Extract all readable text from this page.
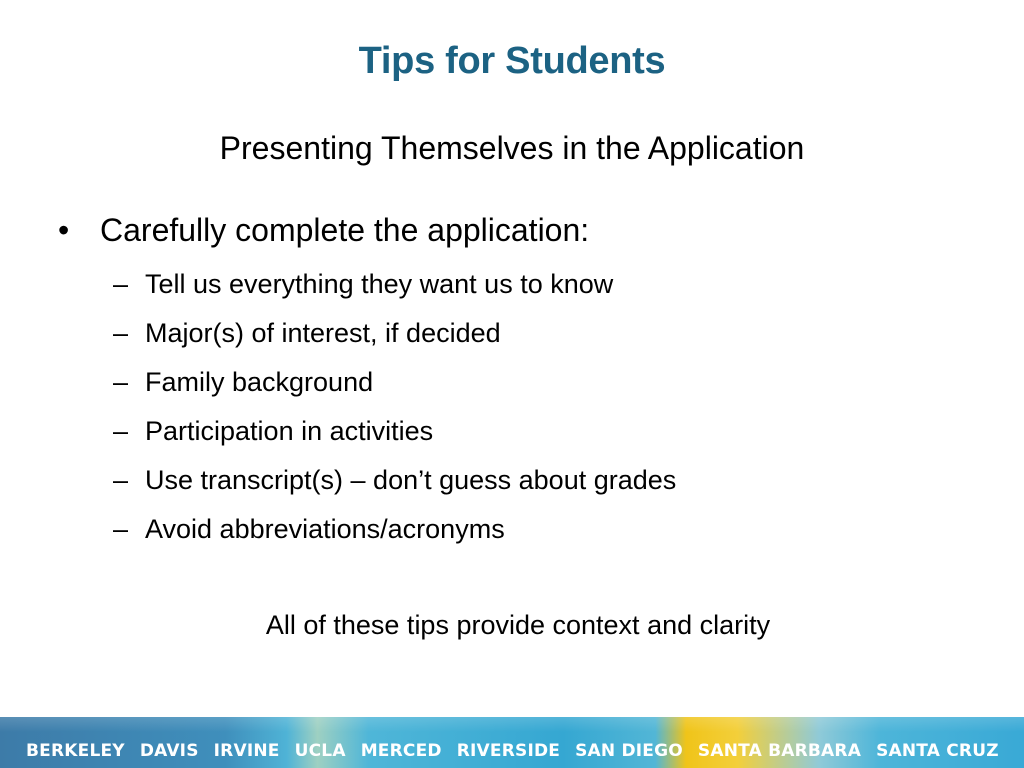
Tips for Students
Presenting Themselves in the Application
• Carefully complete the application:
– Tell us everything they want us to know
– Major(s) of interest, if decided
– Family background
– Participation in activities
– Use transcript(s) – don’t guess about grades
– Avoid abbreviations/acronyms
All of these tips provide context and clarity
BERKELEY DAVIS IRVINE UCLA MERCED RIVERSIDE SAN DIEGO SANTA BARBARA SANTA CRUZ
